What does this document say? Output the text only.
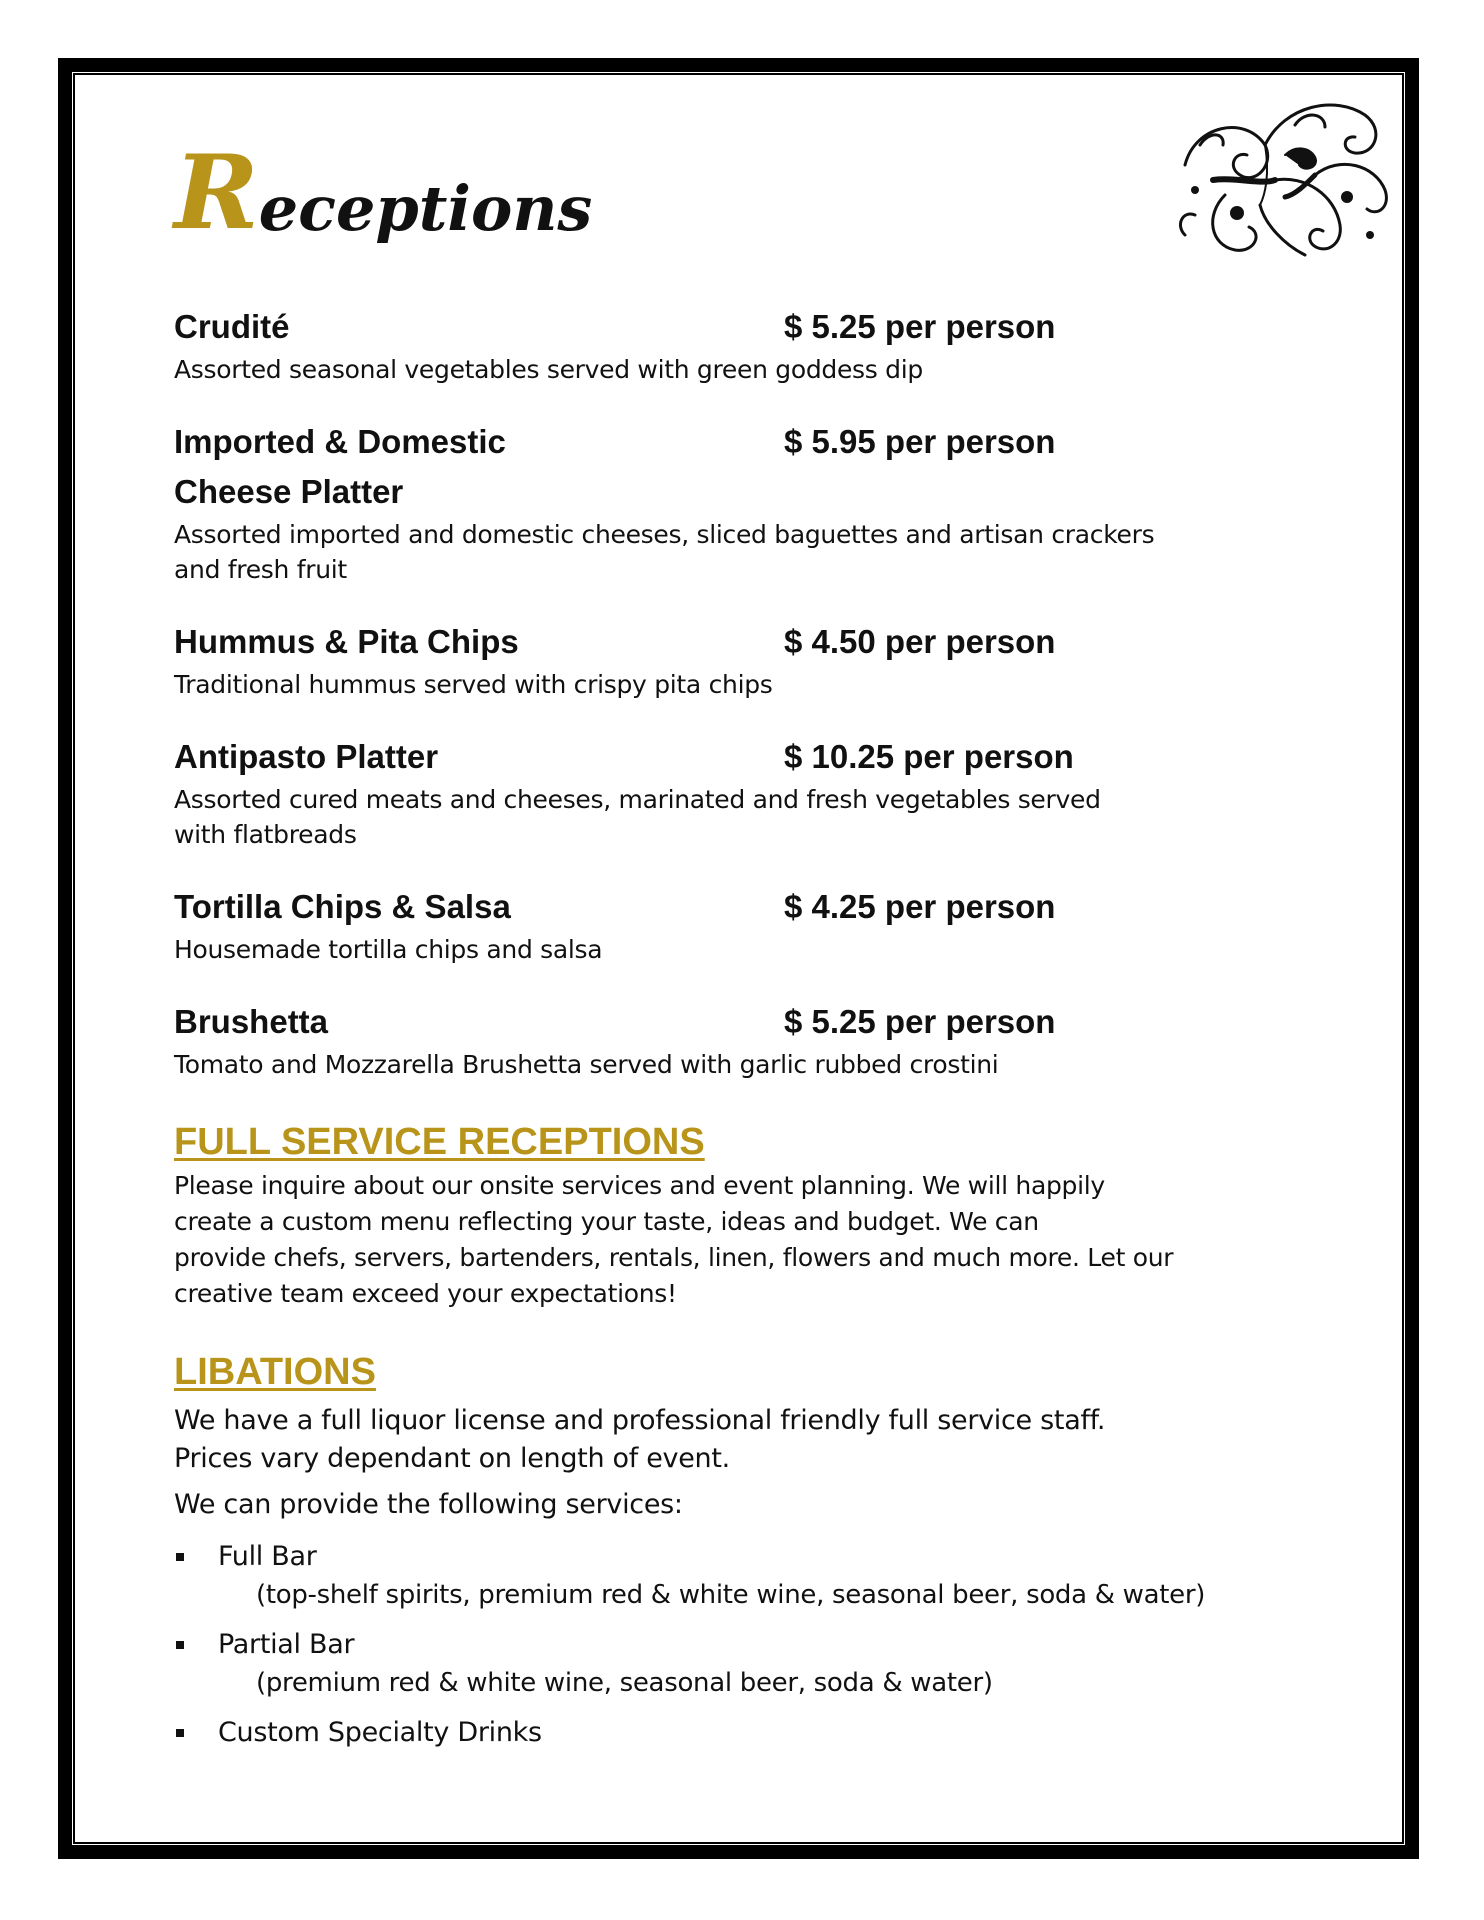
R eceptions
Crudité	$ 5.25 per person
Assorted seasonal vegetables served with green goddess dip
Imported & Domestic	$ 5.95 per person
Cheese Platter
Assorted imported and domestic cheeses, sliced baguettes and artisan crackers
and fresh fruit
Hummus & Pita Chips	$ 4.50 per person
Traditional hummus served with crispy pita chips
Antipasto Platter	$ 10.25 per person
Assorted cured meats and cheeses, marinated and fresh vegetables served
with flatbreads
Tortilla Chips & Salsa	$ 4.25 per person
Housemade tortilla chips and salsa
Brushetta	$ 5.25 per person
Tomato and Mozzarella Brushetta served with garlic rubbed crostini
FULL SERVICE RECEPTIONS
Please inquire about our onsite services and event planning. We will happily
create a custom menu reflecting your taste, ideas and budget. We can
provide chefs, servers, bartenders, rentals, linen, flowers and much more. Let our
creative team exceed your expectations!
LIBATIONS
We have a full liquor license and professional friendly full service staff.
Prices vary dependant on length of event.
We can provide the following services:
Full Bar
(top-shelf spirits, premium red & white wine, seasonal beer, soda & water)
Partial Bar
(premium red & white wine, seasonal beer, soda & water)
Custom Specialty Drinks
